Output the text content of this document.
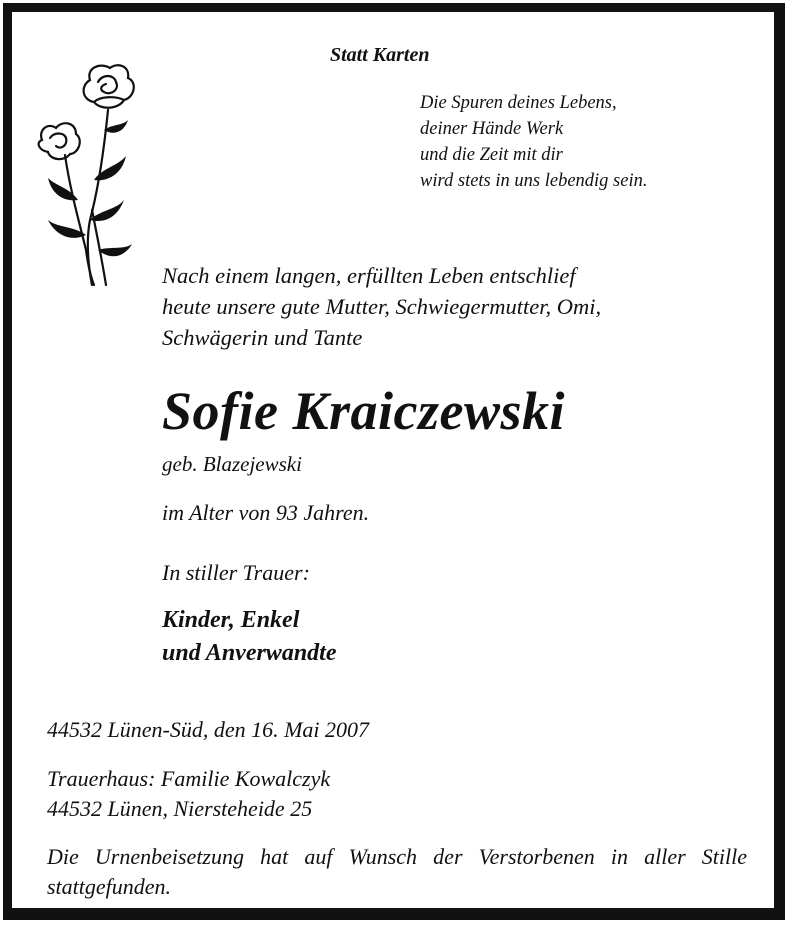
Statt Karten
Die Spuren deines Lebens,
deiner Hände Werk
und die Zeit mit dir
wird stets in uns lebendig sein.
Nach einem langen, erfüllten Leben entschlief
heute unsere gute Mutter, Schwiegermutter, Omi,
Schwägerin und Tante
Sofie Kraiczewski
geb. Blazejewski
im Alter von 93 Jahren.
In stiller Trauer:
Kinder, Enkel
und Anverwandte
44532 Lünen-Süd, den 16. Mai 2007
Trauerhaus: Familie Kowalczyk
44532 Lünen, Niersteheide 25
Die Urnenbeisetzung hat auf Wunsch der Verstorbenen in aller Stille stattgefunden.
